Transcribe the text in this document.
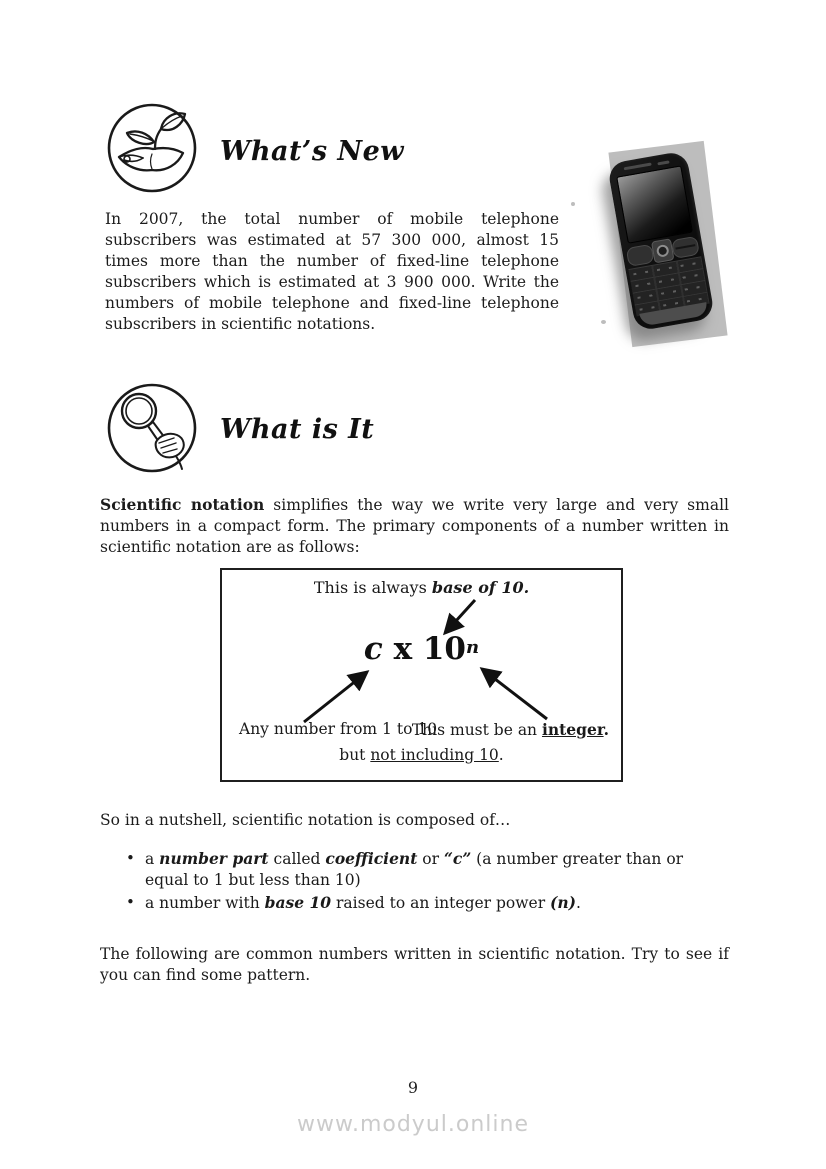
What’s New
In 2007, the total number of mobile telephone subscribers was estimated at 57 300 000, almost 15 times more than the number of fixed-line telephone subscribers which is estimated at 3 900 000. Write the numbers of mobile telephone and fixed-line telephone subscribers in scientific notations.
What is It
Scientific notation simplifies the way we write very large and very small numbers in a compact form. The primary components of a number written in scientific notation are as follows:
This is always base of 10.
c x 10$^n$
Any number from 1 to 10
This must be an integer.
but not including 10.
So in a nutshell, scientific notation is composed of…
• a number part called coefficient or “c” (a number greater than or equal to 1 but less than 10)
• a number with base 10 raised to an integer power (n).
The following are common numbers written in scientific notation. Try to see if you can find some pattern.
9
www.modyul.online
